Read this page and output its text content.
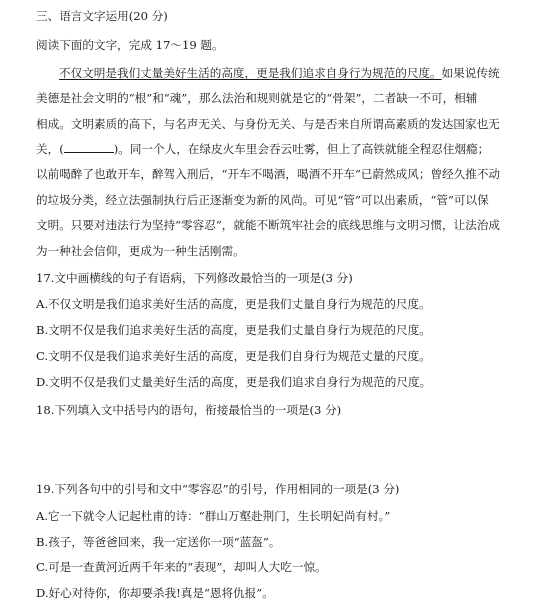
三、语言文字运用(20 分)
阅读下面的文字，完成 17～19 题。
不仅文明是我们丈量美好生活的高度，更是我们追求自身行为规范的尺度。如果说传统
美德是社会文明的“根”和“魂”，那么法治和规则就是它的“骨架”，二者缺一不可，相辅
相成。文明素质的高下，与名声无关、与身份无关、与是否来自所谓高素质的发达国家也无
关，(	)。同一个人，在绿皮火车里会吞云吐雾，但上了高铁就能全程忍住烟瘾；
以前喝醉了也敢开车，醉驾入刑后，“开车不喝酒，喝酒不开车”已蔚然成风；曾经久推不动
的垃圾分类，经立法强制执行后正逐渐变为新的风尚。可见“管”可以出素质，“管”可以保
文明。只要对违法行为坚持“零容忍”，就能不断筑牢社会的底线思维与文明习惯，让法治成
为一种社会信仰，更成为一种生活刚需。
17.文中画横线的句子有语病，下列修改最恰当的一项是(3 分)
A.不仅文明是我们追求美好生活的高度，更是我们丈量自身行为规范的尺度。
B.文明不仅是我们追求美好生活的高度，更是我们丈量自身行为规范的尺度。
C.文明不仅是我们追求美好生活的高度，更是我们自身行为规范丈量的尺度。
D.文明不仅是我们丈量美好生活的高度，更是我们追求自身行为规范的尺度。
18.下列填入文中括号内的语句，衔接最恰当的一项是(3 分)
19.下列各句中的引号和文中“零容忍”的引号，作用相同的一项是(3 分)
A.它一下就令人记起杜甫的诗：“群山万壑赴荆门，生长明妃尚有村。”
B.孩子，等爸爸回来，我一定送你一项“蓝盔”。
C.可是一查黄河近两千年来的“表现”，却叫人大吃一惊。
D.好心对待你，你却要杀我!真是“恩将仇报”。
